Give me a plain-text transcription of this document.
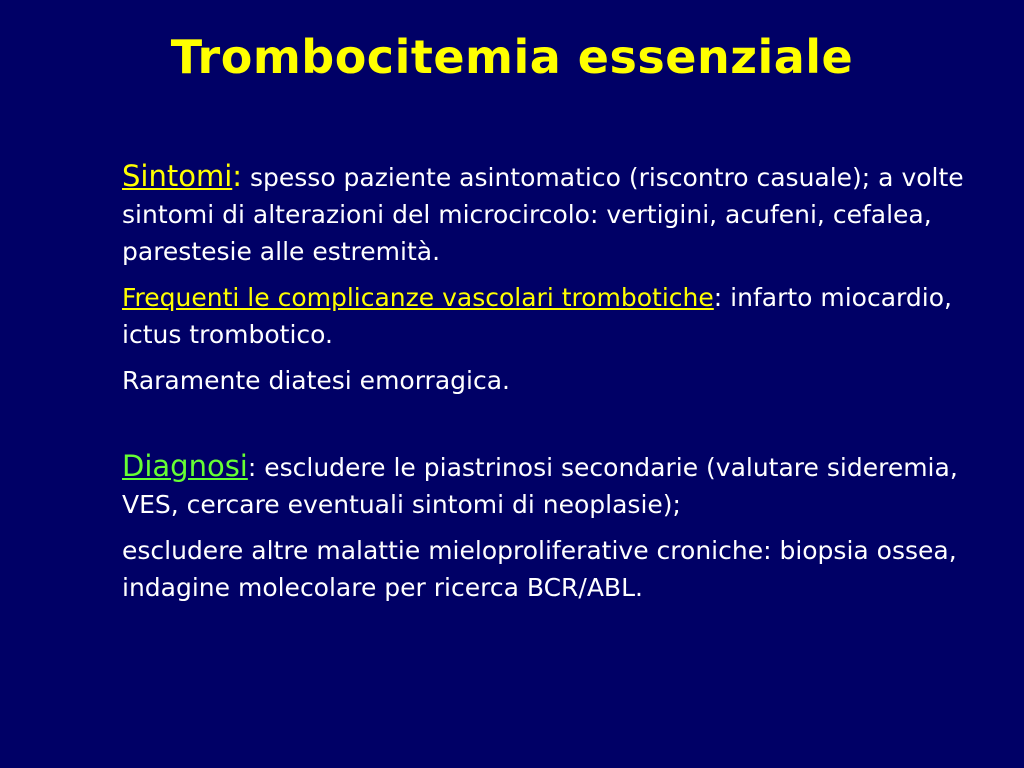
Trombocitemia essenziale

Sintomi: spesso paziente asintomatico (riscontro casuale); a volte sintomi di alterazioni del microcircolo: vertigini, acufeni, cefalea, parestesie alle estremità.

Frequenti le complicanze vascolari trombotiche: infarto miocardio, ictus trombotico.

Raramente diatesi emorragica.

Diagnosi: escludere le piastrinosi secondarie (valutare sideremia, VES, cercare eventuali sintomi di neoplasie);

escludere altre malattie mieloproliferative croniche: biopsia ossea, indagine molecolare per ricerca BCR/ABL.
